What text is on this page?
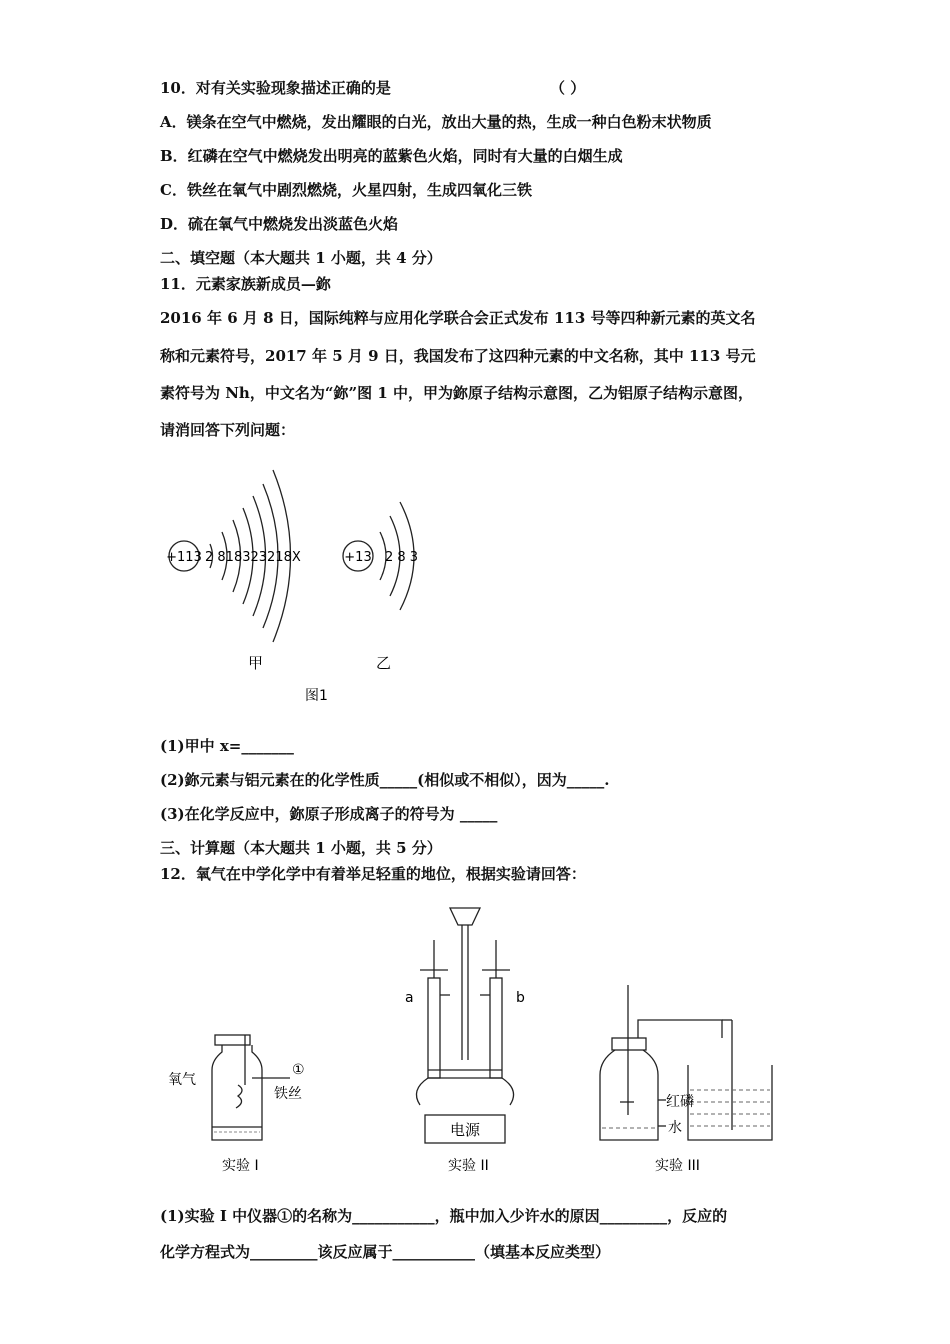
10．对有关实验现象描述正确的是	（ ）
A．镁条在空气中燃烧，发出耀眼的白光，放出大量的热，生成一种白色粉末状物质
B．红磷在空气中燃烧发出明亮的蓝紫色火焰，同时有大量的白烟生成
C．铁丝在氧气中剧烈燃烧，火星四射，生成四氧化三铁
D．硫在氧气中燃烧发出淡蓝色火焰
二、填空题（本大题共 1 小题，共 4 分）
11．元素家族新成员—鉨
2016 年 6 月 8 日，国际纯粹与应用化学联合会正式发布 113 号等四种新元素的英文名
称和元素符号，2017 年 5 月 9 日，我国发布了这四种元素的中文名称，其中 113 号元
素符号为 Nh，中文名为“鉨”图 1 中，甲为鉨原子结构示意图，乙为铝原子结构示意图，
请消回答下列问题：
+113 2 818323218X	+13 2 8 3
甲	乙
图1
(1)甲中 x=_______
(2)鉨元素与铝元素在的化学性质_____(相似或不相似），因为_____.
(3)在化学反应中，鉨原子形成离子的符号为 _____
三、计算题（本大题共 1 小题，共 5 分）
12．氧气在中学化学中有着举足轻重的地位，根据实验请回答：
氧气
①
铁丝
实验 I
a	b
电源
实验 II
红磷
水
实验 III
(1)实验 I 中仪器①的名称为___________，瓶中加入少许水的原因_________，反应的
化学方程式为_________该反应属于___________（填基本反应类型）
